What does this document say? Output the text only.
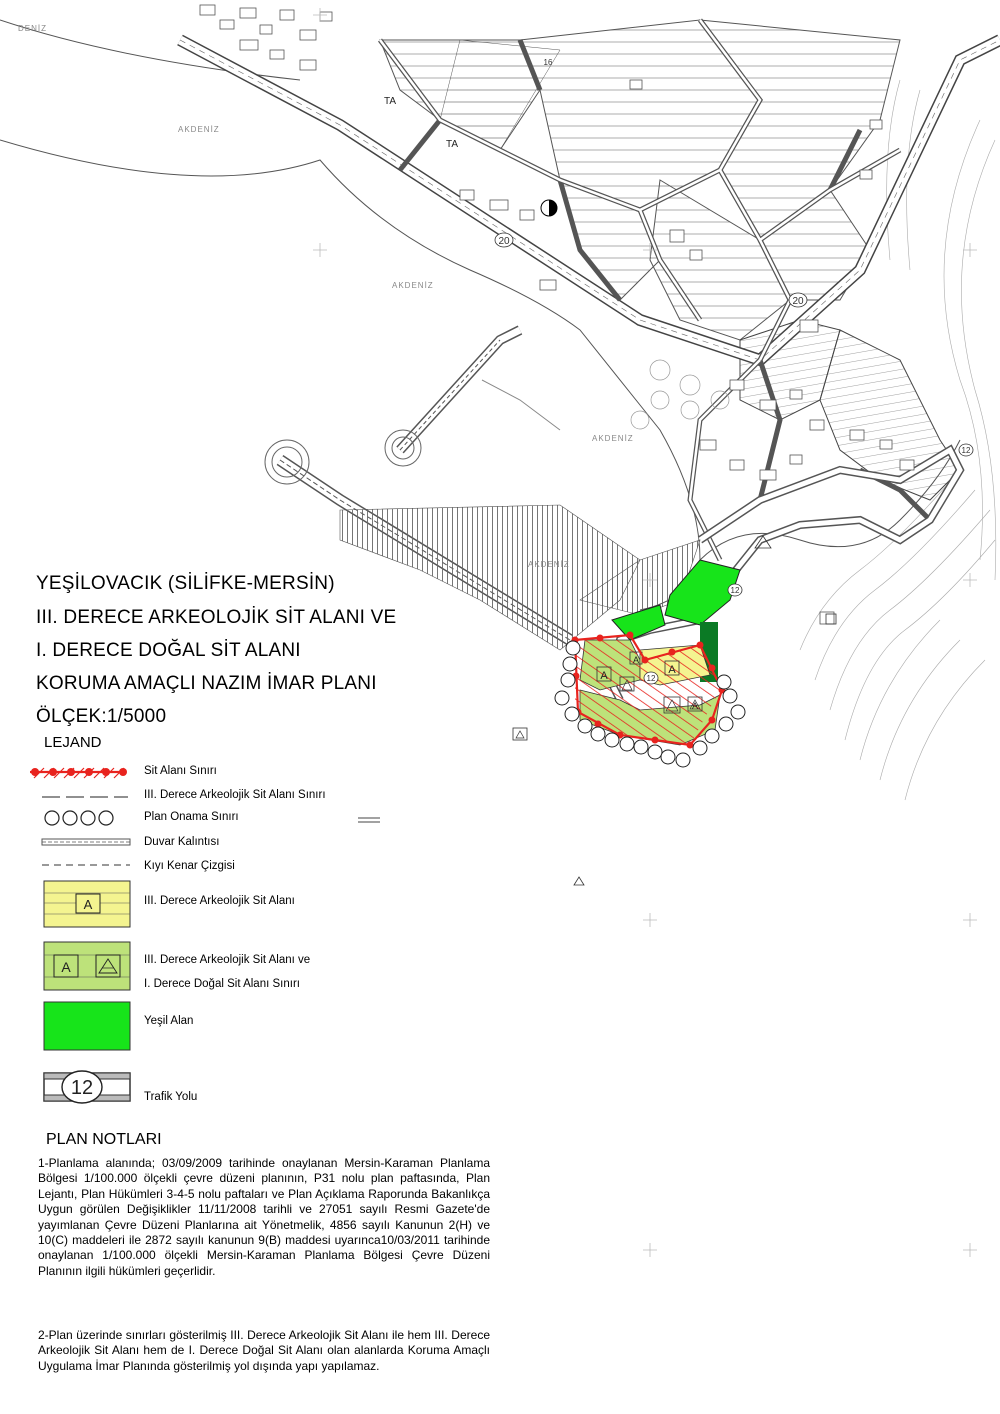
20
20
12
12
12
16
DENİZ
AKDENİZ
AKDENİZ
AKDENİZ
AKDENİZ
TA
TA
A	A
A
A
A
A
12
YEŞİLOVACIK (SİLİFKE-MERSİN)
III. DERECE ARKEOLOJİK SİT ALANI VE
I. DERECE DOĞAL SİT ALANI
KORUMA AMAÇLI NAZIM İMAR PLANI
ÖLÇEK:1/5000
LEJAND
Sit Alanı Sınırı
III. Derece Arkeolojik Sit Alanı Sınırı
Plan Onama Sınırı
Duvar Kalıntısı
Kıyı Kenar Çizgisi
III. Derece Arkeolojik Sit Alanı
III. Derece Arkeolojik Sit Alanı ve
I. Derece Doğal Sit Alanı Sınırı
Yeşil Alan
Trafik Yolu
PLAN NOTLARI

1-Planlama alanında; 03/09/2009 tarihinde onaylanan Mersin-Karaman Planlama Bölgesi 1/100.000 ölçekli çevre düzeni planının, P31 nolu plan paftasında, Plan Lejantı, Plan Hükümleri 3-4-5 nolu paftaları ve Plan Açıklama Raporunda Bakanlıkça Uygun görülen Değişiklikler 11/11/2008 tarihli ve 27051 sayılı Resmi Gazete'de yayımlanan Çevre Düzeni Planlarına ait Yönetmelik, 4856 sayılı Kanunun 2(H) ve 10(C) maddeleri ile 2872 sayılı kanunun 9(B) maddesi uyarınca10/03/2011 tarihinde onaylanan 1/100.000 ölçekli Mersin-Karaman Planlama Bölgesi Çevre Düzeni Planının ilgili hükümleri geçerlidir.

2-Plan üzerinde sınırları gösterilmiş III. Derece Arkeolojik Sit Alanı ile hem III. Derece Arkeolojik Sit Alanı hem de I. Derece Doğal Sit Alanı olan alanlarda Koruma Amaçlı Uygulama İmar Planında gösterilmiş yol dışında yapı yapılamaz.
